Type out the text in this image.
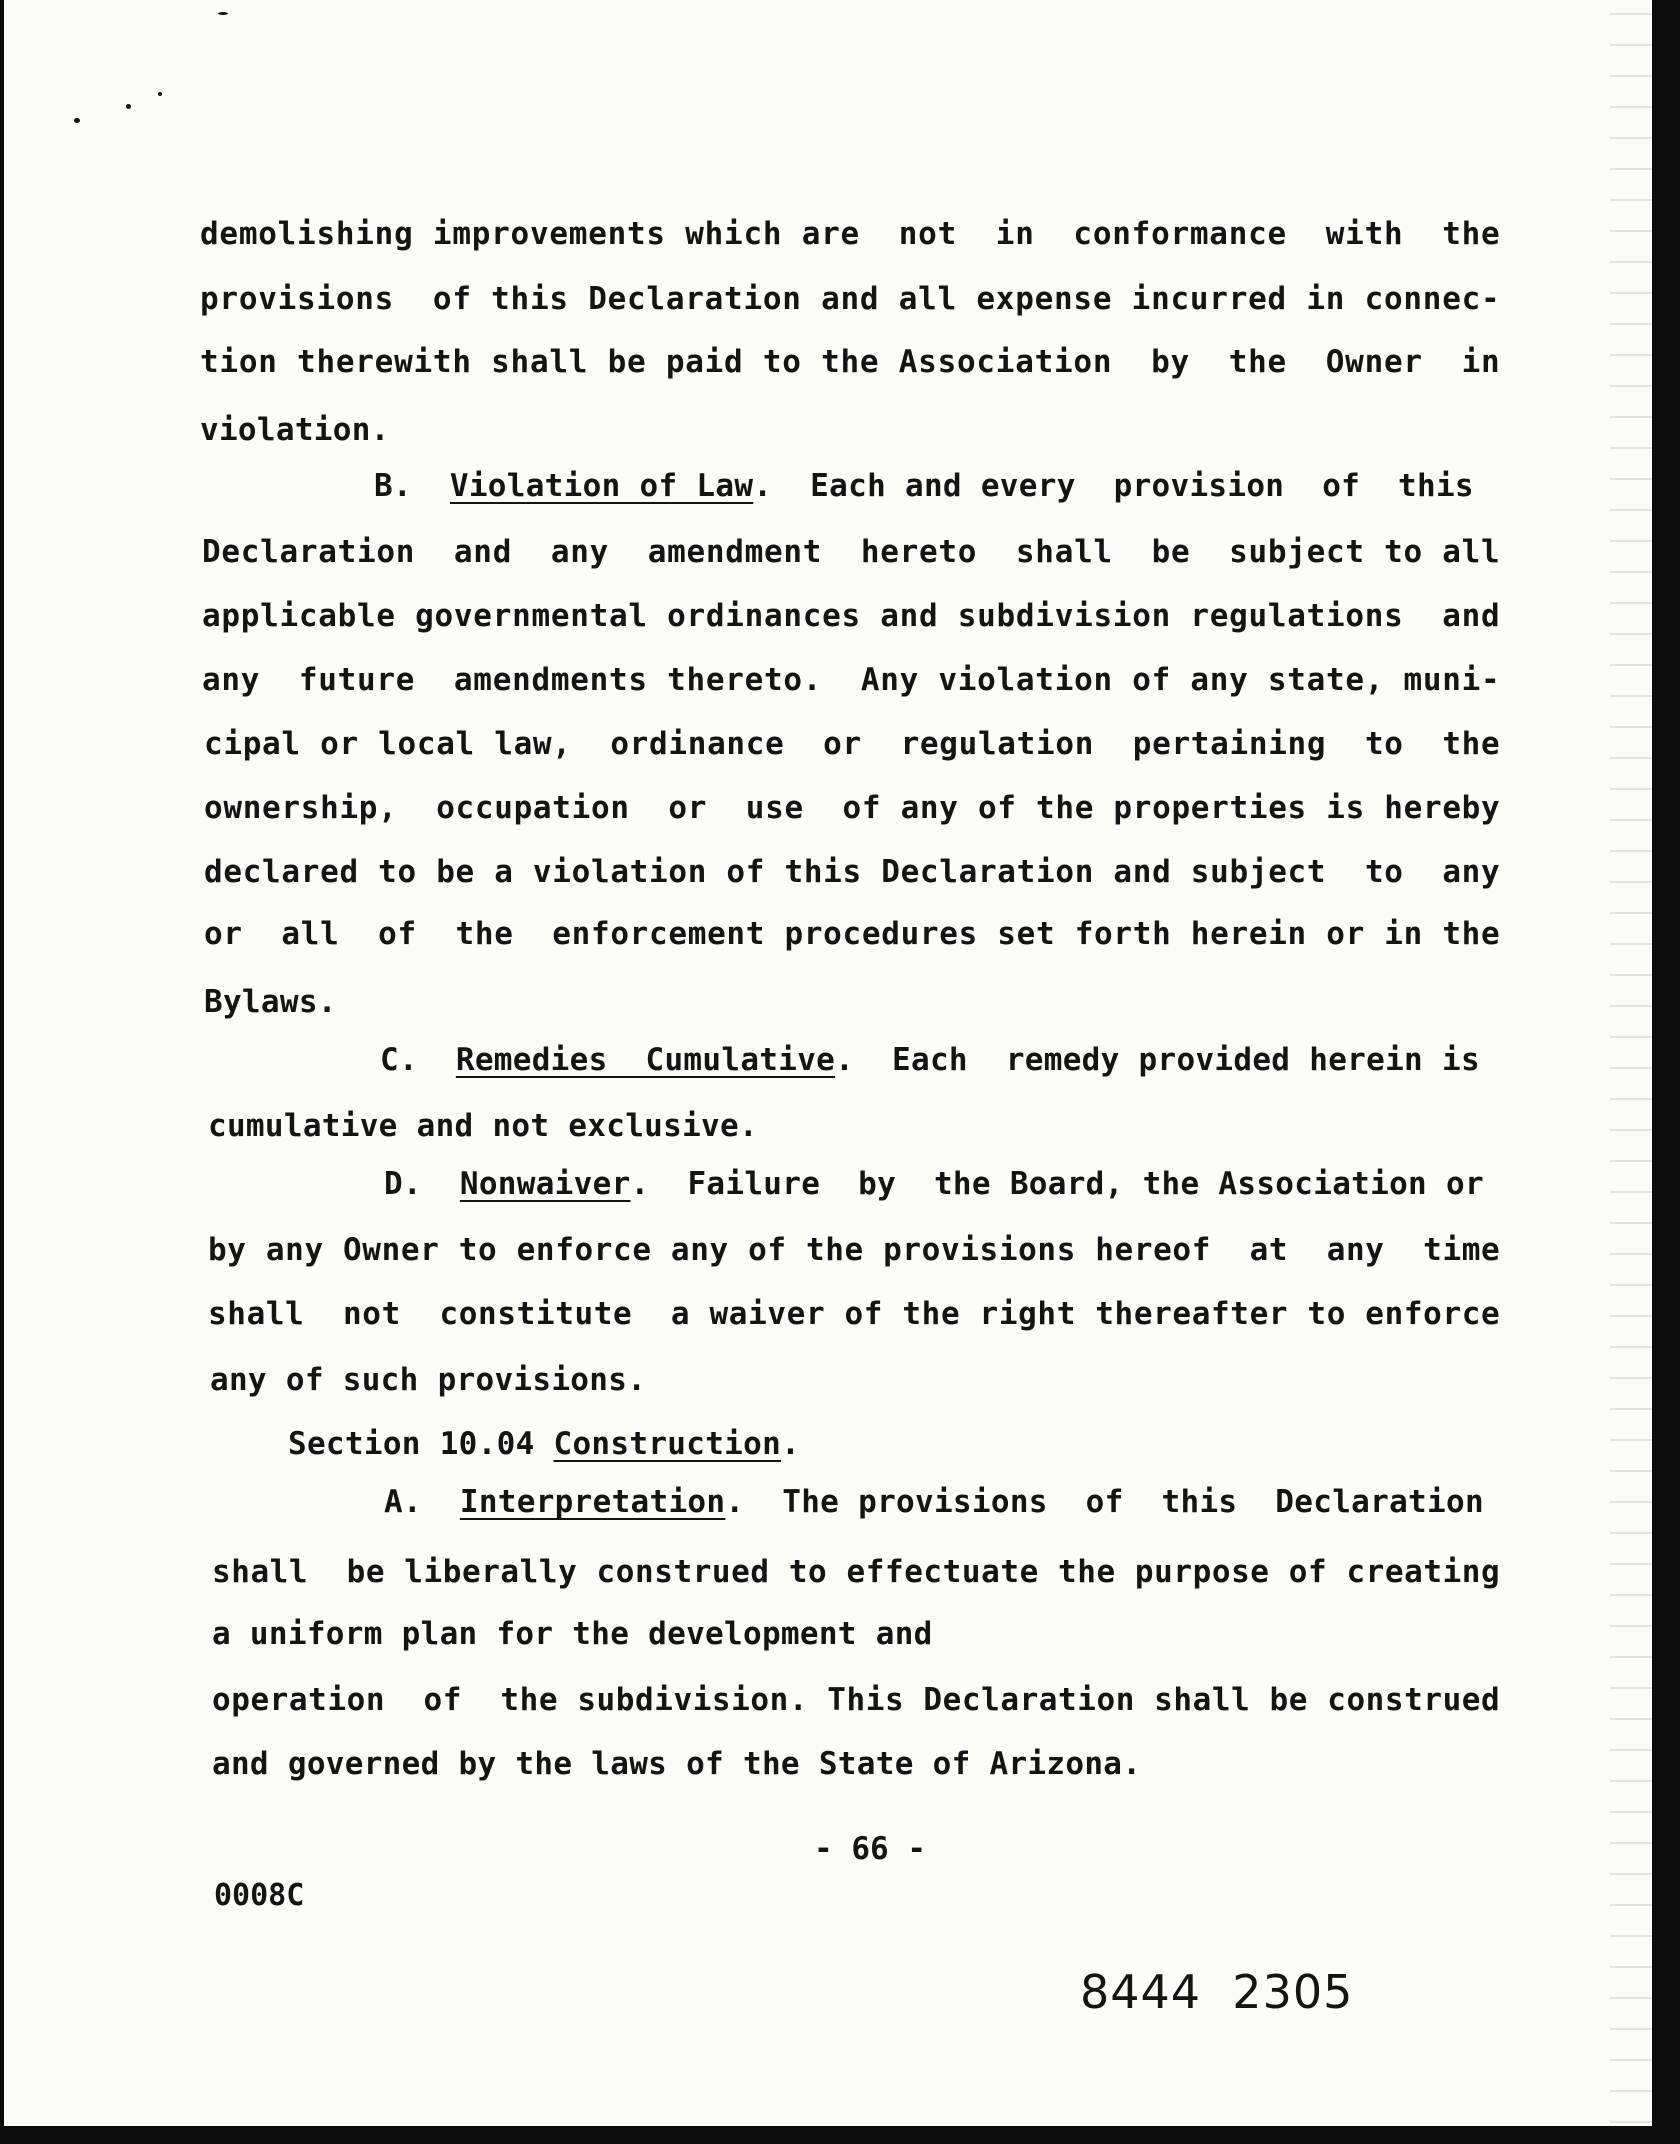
demolishing improvements which are  not  in  conformance  with  the
provisions  of this Declaration and all expense incurred in connec-
tion therewith shall be paid to the Association  by  the  Owner  in
violation.
B.  Violation of Law.  Each and every  provision  of  this
Declaration  and  any  amendment  hereto  shall  be  subject to all
applicable governmental ordinances and subdivision regulations  and
any  future  amendments thereto.  Any violation of any state, muni-
cipal or local law,  ordinance  or  regulation  pertaining  to  the
ownership,  occupation  or  use  of any of the properties is hereby
declared to be a violation of this Declaration and subject  to  any
or  all  of  the  enforcement procedures set forth herein or in the
Bylaws.
C.  Remedies  Cumulative.  Each  remedy provided herein is
cumulative and not exclusive.
D.  Nonwaiver.  Failure  by  the Board, the Association or
by any Owner to enforce any of the provisions hereof  at  any  time
shall  not  constitute  a waiver of the right thereafter to enforce
any of such provisions.
Section 10.04 Construction.
A.  Interpretation.  The provisions  of  this  Declaration
shall  be liberally construed to effectuate the purpose of creating
a uniform plan for the development and
operation  of  the subdivision. This Declaration shall be construed
and governed by the laws of the State of Arizona.
- 66 -
0008C
8444  2305
